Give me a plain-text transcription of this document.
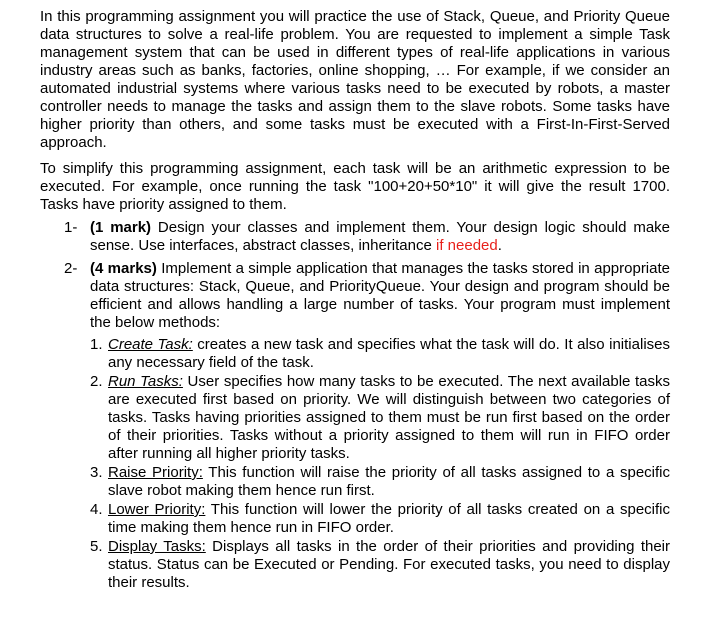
In this programming assignment you will practice the use of Stack, Queue, and Priority Queue data structures to solve a real-life problem. You are requested to implement a simple Task management system that can be used in different types of real-life applications in various industry areas such as banks, factories, online shopping, … For example, if we consider an automated industrial systems where various tasks need to be executed by robots, a master controller needs to manage the tasks and assign them to the slave robots. Some tasks have higher priority than others, and some tasks must be executed with a First-In-First-Served approach.

To simplify this programming assignment, each task will be an arithmetic expression to be executed. For example, once running the task "100+20+50*10" it will give the result 1700. Tasks have priority assigned to them.

1- (1 mark) Design your classes and implement them. Your design logic should make sense. Use interfaces, abstract classes, inheritance if needed.
2- (4 marks) Implement a simple application that manages the tasks stored in appropriate data structures: Stack, Queue, and PriorityQueue. Your design and program should be efficient and allows handling a large number of tasks. Your program must implement the below methods:
1. Create Task: creates a new task and specifies what the task will do. It also initialises any necessary field of the task.
2. Run Tasks: User specifies how many tasks to be executed. The next available tasks are executed first based on priority. We will distinguish between two categories of tasks. Tasks having priorities assigned to them must be run first based on the order of their priorities. Tasks without a priority assigned to them will run in FIFO order after running all higher priority tasks.
3. Raise Priority: This function will raise the priority of all tasks assigned to a specific slave robot making them hence run first.
4. Lower Priority: This function will lower the priority of all tasks created on a specific time making them hence run in FIFO order.
5. Display Tasks: Displays all tasks in the order of their priorities and providing their status. Status can be Executed or Pending. For executed tasks, you need to display their results.
